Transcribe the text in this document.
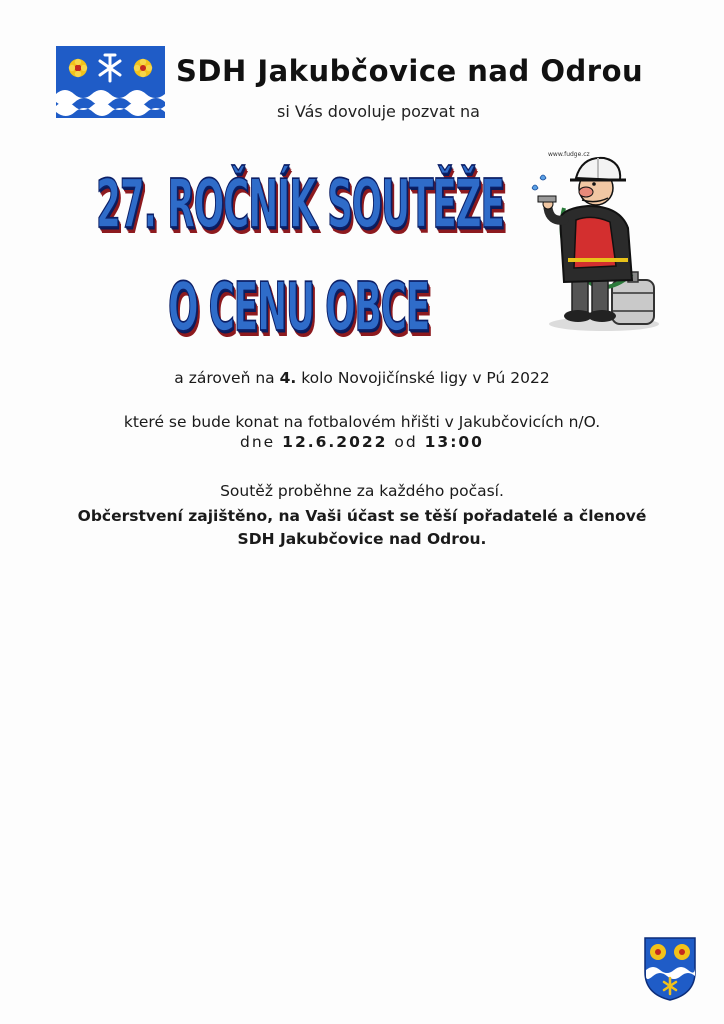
SDH Jakubčovice nad Odrou
si Vás dovoluje pozvat na
27. ROČNÍK SOUTĚŽE
O CENU OBCE
www.fudge.cz
a zároveň na 4. kolo Novojičínské ligy v Pú 2022
které se bude konat na fotbalovém hřišti v Jakubčovicích n/O.
dne 12.6.2022 od 13:00
Soutěž proběhne za každého počasí.
Občerstvení zajištěno, na Vaši účast se těší pořadatelé a členové
SDH Jakubčovice nad Odrou.
